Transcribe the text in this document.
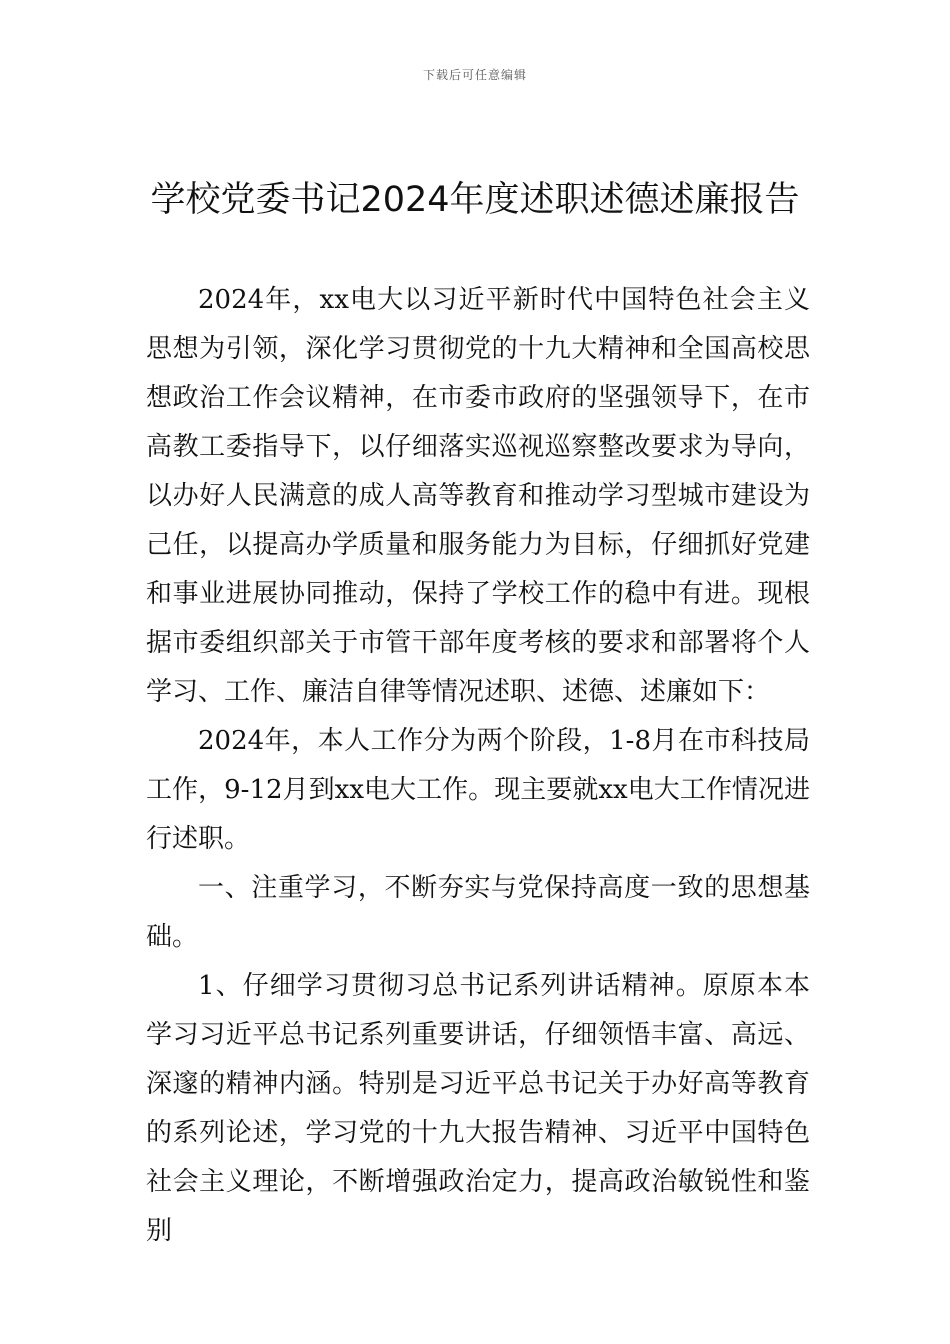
下载后可任意编辑
学校党委书记2024年度述职述德述廉报告

2024年，xx电大以习近平新时代中国特色社会主义思想为引领，深化学习贯彻党的十九大精神和全国高校思想政治工作会议精神，在市委市政府的坚强领导下，在市高教工委指导下，以仔细落实巡视巡察整改要求为导向，以办好人民满意的成人高等教育和推动学习型城市建设为己任，以提高办学质量和服务能力为目标，仔细抓好党建和事业进展协同推动，保持了学校工作的稳中有进。现根据市委组织部关于市管干部年度考核的要求和部署将个人学习、工作、廉洁自律等情况述职、述德、述廉如下：

2024年，本人工作分为两个阶段，1-8月在市科技局工作，9-12月到xx电大工作。现主要就xx电大工作情况进行述职。

一、注重学习，不断夯实与党保持高度一致的思想基础。

1、仔细学习贯彻习总书记系列讲话精神。原原本本学习习近平总书记系列重要讲话，仔细领悟丰富、高远、深邃的精神内涵。特别是习近平总书记关于办好高等教育的系列论述，学习党的十九大报告精神、习近平中国特色社会主义理论，不断增强政治定力，提高政治敏锐性和鉴别
